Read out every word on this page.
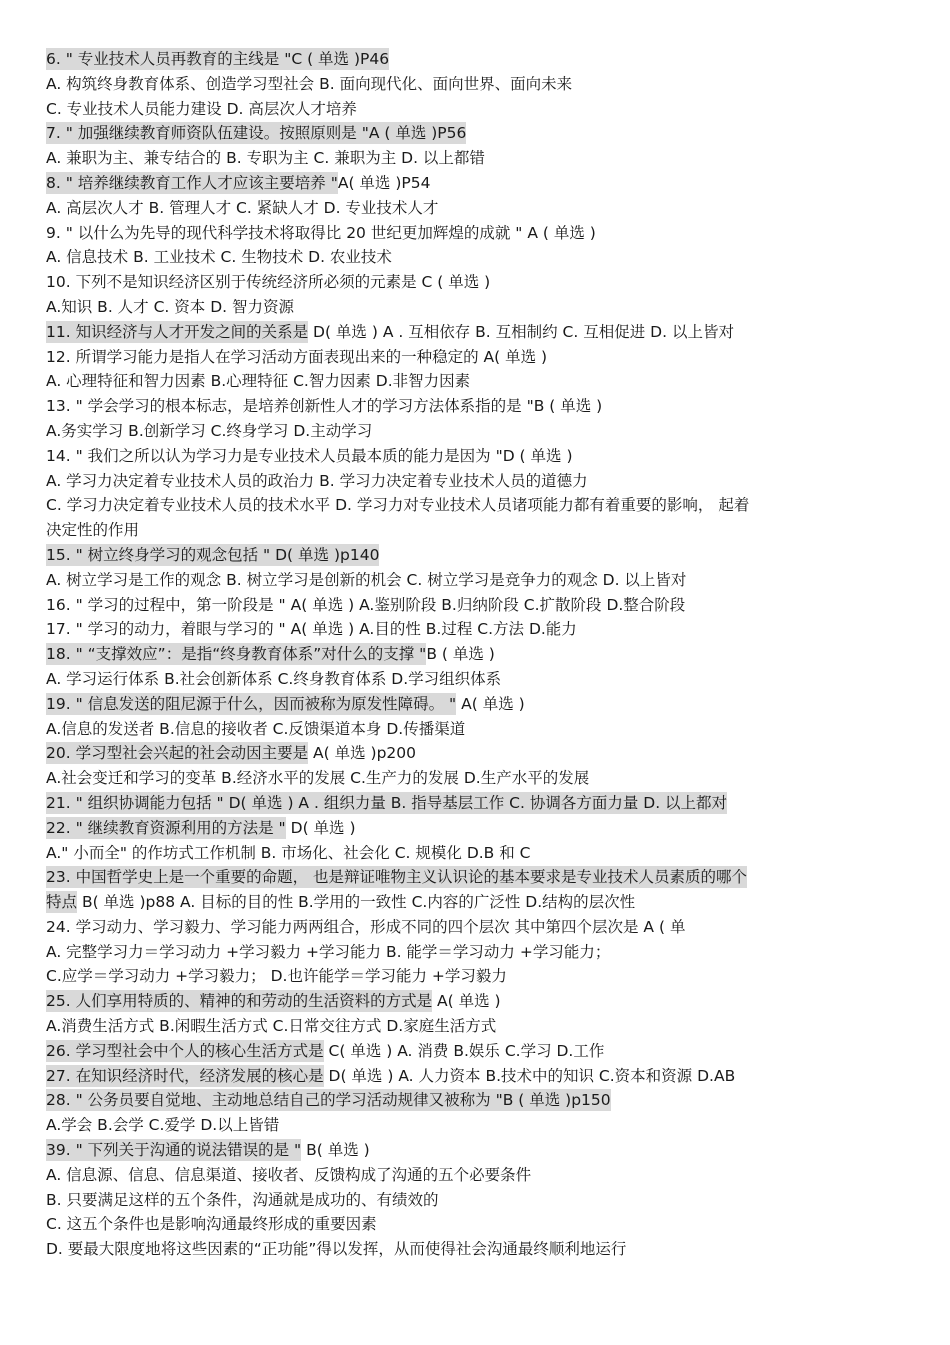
6. " 专业技术人员再教育的主线是 "C ( 单选 )P46
A. 构筑终身教育体系、创造学习型社会 B. 面向现代化、面向世界、面向未来
C. 专业技术人员能力建设 D. 高层次人才培养
7. " 加强继续教育师资队伍建设。按照原则是 "A ( 单选 )P56
A. 兼职为主、兼专结合的 B. 专职为主 C. 兼职为主 D. 以上都错
8. " 培养继续教育工作人才应该主要培养 "A( 单选 )P54
A. 高层次人才 B. 管理人才 C. 紧缺人才 D. 专业技术人才
9. " 以什么为先导的现代科学技术将取得比 20 世纪更加辉煌的成就 " A ( 单选 )
A. 信息技术 B. 工业技术 C. 生物技术 D. 农业技术
10. 下列不是知识经济区别于传统经济所必须的元素是 C ( 单选 )
A.知识 B. 人才 C. 资本 D. 智力资源
11. 知识经济与人才开发之间的关系是 D( 单选 ) A . 互相依存 B. 互相制约 C. 互相促进 D. 以上皆对
12. 所谓学习能力是指人在学习活动方面表现出来的一种稳定的 A( 单选 )
A. 心理特征和智力因素 B.心理特征 C.智力因素 D.非智力因素
13. " 学会学习的根本标志，是培养创新性人才的学习方法体系指的是 "B ( 单选 )
A.务实学习 B.创新学习 C.终身学习 D.主动学习
14. " 我们之所以认为学习力是专业技术人员最本质的能力是因为 "D ( 单选 )
A. 学习力决定着专业技术人员的政治力 B. 学习力决定着专业技术人员的道德力
C. 学习力决定着专业技术人员的技术水平 D. 学习力对专业技术人员诸项能力都有着重要的影响， 起着
决定性的作用
15. " 树立终身学习的观念包括 " D( 单选 )p140
A. 树立学习是工作的观念 B. 树立学习是创新的机会 C. 树立学习是竞争力的观念 D. 以上皆对
16. " 学习的过程中，第一阶段是 " A( 单选 ) A.鉴别阶段 B.归纳阶段 C.扩散阶段 D.整合阶段
17. " 学习的动力，着眼与学习的 " A( 单选 ) A.目的性 B.过程 C.方法 D.能力
18. " “支撑效应”：是指“终身教育体系”对什么的支撑 "B ( 单选 )
A. 学习运行体系 B.社会创新体系 C.终身教育体系 D.学习组织体系
19. " 信息发送的阻尼源于什么，因而被称为原发性障碍。 " A( 单选 )
A.信息的发送者 B.信息的接收者 C.反馈渠道本身 D.传播渠道
20. 学习型社会兴起的社会动因主要是 A( 单选 )p200
A.社会变迁和学习的变革 B.经济水平的发展 C.生产力的发展 D.生产水平的发展
21. " 组织协调能力包括 " D( 单选 ) A . 组织力量 B. 指导基层工作 C. 协调各方面力量 D. 以上都对
22. " 继续教育资源利用的方法是 " D( 单选 )
A." 小而全" 的作坊式工作机制 B. 市场化、社会化 C. 规模化 D.B 和 C
23. 中国哲学史上是一个重要的命题， 也是辩证唯物主义认识论的基本要求是专业技术人员素质的哪个
特点 B( 单选 )p88 A. 目标的目的性 B.学用的一致性 C.内容的广泛性 D.结构的层次性
24. 学习动力、学习毅力、学习能力两两组合，形成不同的四个层次 其中第四个层次是 A ( 单
A. 完整学习力＝学习动力 +学习毅力 +学习能力 B. 能学＝学习动力 +学习能力；
C.应学＝学习动力 +学习毅力； D.也许能学＝学习能力 +学习毅力
25. 人们享用特质的、精神的和劳动的生活资料的方式是 A( 单选 )
A.消费生活方式 B.闲暇生活方式 C.日常交往方式 D.家庭生活方式
26. 学习型社会中个人的核心生活方式是 C( 单选 ) A. 消费 B.娱乐 C.学习 D.工作
27. 在知识经济时代，经济发展的核心是 D( 单选 ) A. 人力资本 B.技术中的知识 C.资本和资源 D.AB
28. " 公务员要自觉地、主动地总结自己的学习活动规律又被称为 "B ( 单选 )p150
A.学会 B.会学 C.爱学 D.以上皆错
39. " 下列关于沟通的说法错误的是 " B( 单选 )
A. 信息源、信息、信息渠道、接收者、反馈构成了沟通的五个必要条件
B. 只要满足这样的五个条件，沟通就是成功的、有绩效的
C. 这五个条件也是影响沟通最终形成的重要因素
D. 要最大限度地将这些因素的“正功能”得以发挥，从而使得社会沟通最终顺利地运行
